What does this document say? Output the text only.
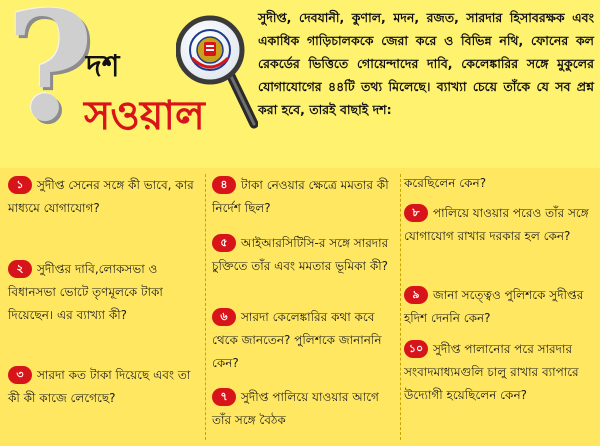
?
দশ
সওয়াল
সুদীপ্ত, দেবযানী, কুণাল, মদন, রজত, সারদার হিসাবরক্ষক এবং একাধিক গাড়িচালককে জেরা করে ও বিভিন্ন নথি, ফোনের কল রেকর্ডের ভিত্তিতে গোয়েন্দাদের দাবি, কেলেঙ্কারির সঙ্গে মুকুলের যোগাযোগের ৪৪টি তথ্য মিলেছে। ব্যাখ্যা চেয়ে তাঁকে যে সব প্রশ্ন করা হবে, তারই বাছাই দশ:
১ সুদীপ্ত সেনের সঙ্গে কী ভাবে, কার মাধ্যমে যোগাযোগ?
২ সুদীপ্তর দাবি,লোকসভা ও বিধানসভা ভোটে তৃণমূলকে টাকা দিয়েছেন। এর ব্যাখ্যা কী?
৩ সারদা কত টাকা দিয়েছে এবং তা কী কী কাজে লেগেছে?
৪ টাকা নেওয়ার ক্ষেত্রে মমতার কী নির্দেশ ছিল?
৫ আইআরসিটিসি-র সঙ্গে সারদার চুক্তিতে তাঁর এবং মমতার ভূমিকা কী?
৬ সারদা কেলেঙ্কারির কথা কবে থেকে জানতেন? পুলিশকে জানাননি কেন?
৭ সুদীপ্ত পালিয়ে যাওয়ার আগে তাঁর সঙ্গে বৈঠক
করেছিলেন কেন?
৮ পালিয়ে যাওয়ার পরেও তাঁর সঙ্গে যোগাযোগ রাখার দরকার হল কেন?
৯ জানা সত্ত্বেও পুলিশকে সুদীপ্তর হদিশ দেননি কেন?
১০ সুদীপ্ত পালানোর পরে সারদার সংবাদমাধ্যমগুলি চালু রাখার ব্যাপারে উদ্যোগী হয়েছিলেন কেন?
